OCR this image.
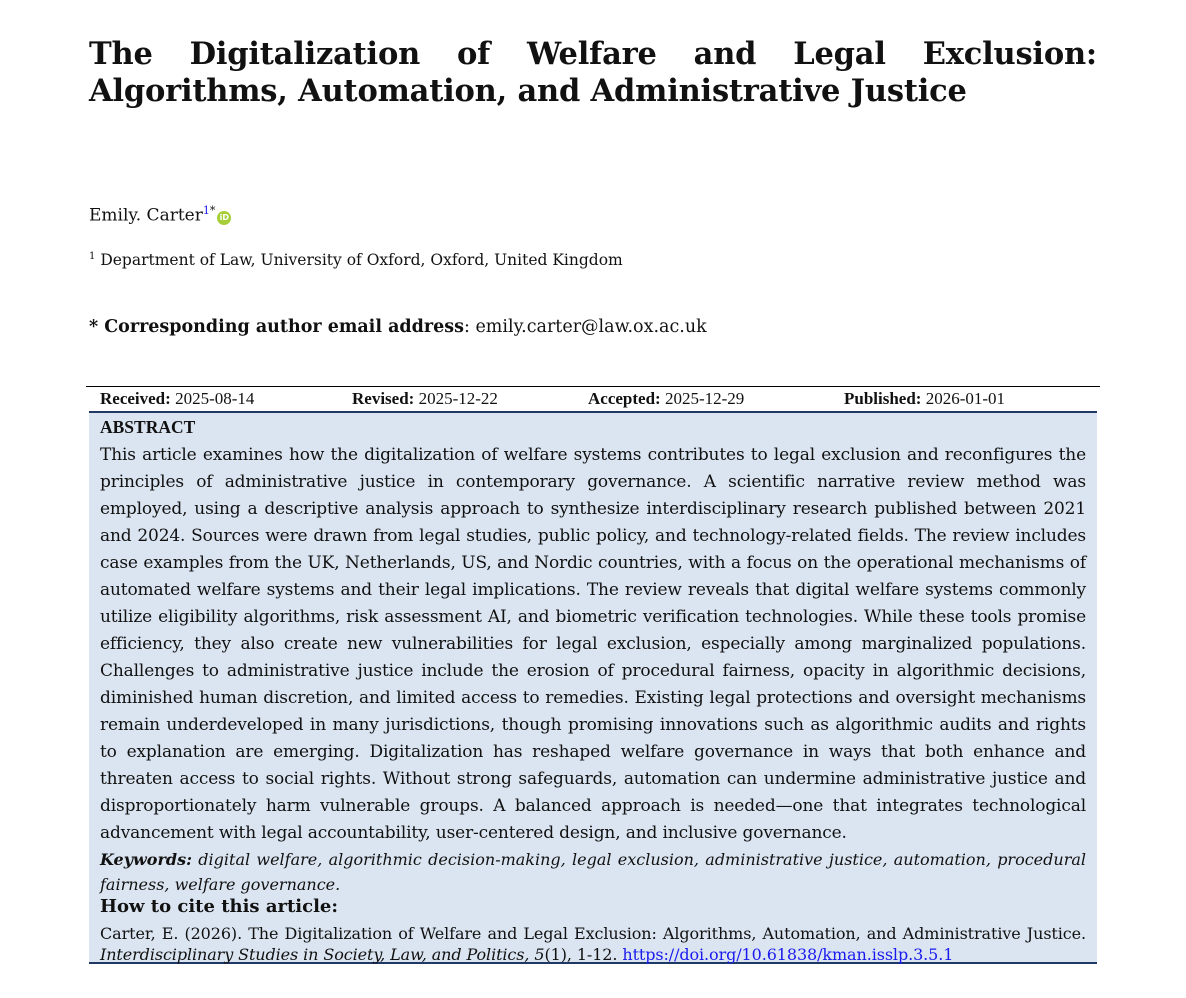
The Digitalization of Welfare and Legal Exclusion: Algorithms, Automation, and Administrative Justice
Emily. Carter$^{1*}$iD
$^1$ Department of Law, University of Oxford, Oxford, United Kingdom
* Corresponding author email address: emily.carter@law.ox.ac.uk
Received: 2025-08-14	Revised: 2025-12-22	Accepted: 2025-12-29	Published: 2026-01-01
ABSTRACT

This article examines how the digitalization of welfare systems contributes to legal exclusion and reconfigures the principles of administrative justice in contemporary governance. A scientific narrative review method was employed, using a descriptive analysis approach to synthesize interdisciplinary research published between 2021 and 2024. Sources were drawn from legal studies, public policy, and technology-related fields. The review includes case examples from the UK, Netherlands, US, and Nordic countries, with a focus on the operational mechanisms of automated welfare systems and their legal implications. The review reveals that digital welfare systems commonly utilize eligibility algorithms, risk assessment AI, and biometric verification technologies. While these tools promise efficiency, they also create new vulnerabilities for legal exclusion, especially among marginalized populations. Challenges to administrative justice include the erosion of procedural fairness, opacity in algorithmic decisions, diminished human discretion, and limited access to remedies. Existing legal protections and oversight mechanisms remain underdeveloped in many jurisdictions, though promising innovations such as algorithmic audits and rights to explanation are emerging. Digitalization has reshaped welfare governance in ways that both enhance and threaten access to social rights. Without strong safeguards, automation can undermine administrative justice and disproportionately harm vulnerable groups. A balanced approach is needed—one that integrates technological advancement with legal accountability, user-centered design, and inclusive governance.

Keywords: digital welfare, algorithmic decision-making, legal exclusion, administrative justice, automation, procedural fairness, welfare governance.

How to cite this article:

Carter, E. (2026). The Digitalization of Welfare and Legal Exclusion: Algorithms, Automation, and Administrative Justice. Interdisciplinary Studies in Society, Law, and Politics, 5(1), 1-12. https://doi.org/10.61838/kman.isslp.3.5.1
